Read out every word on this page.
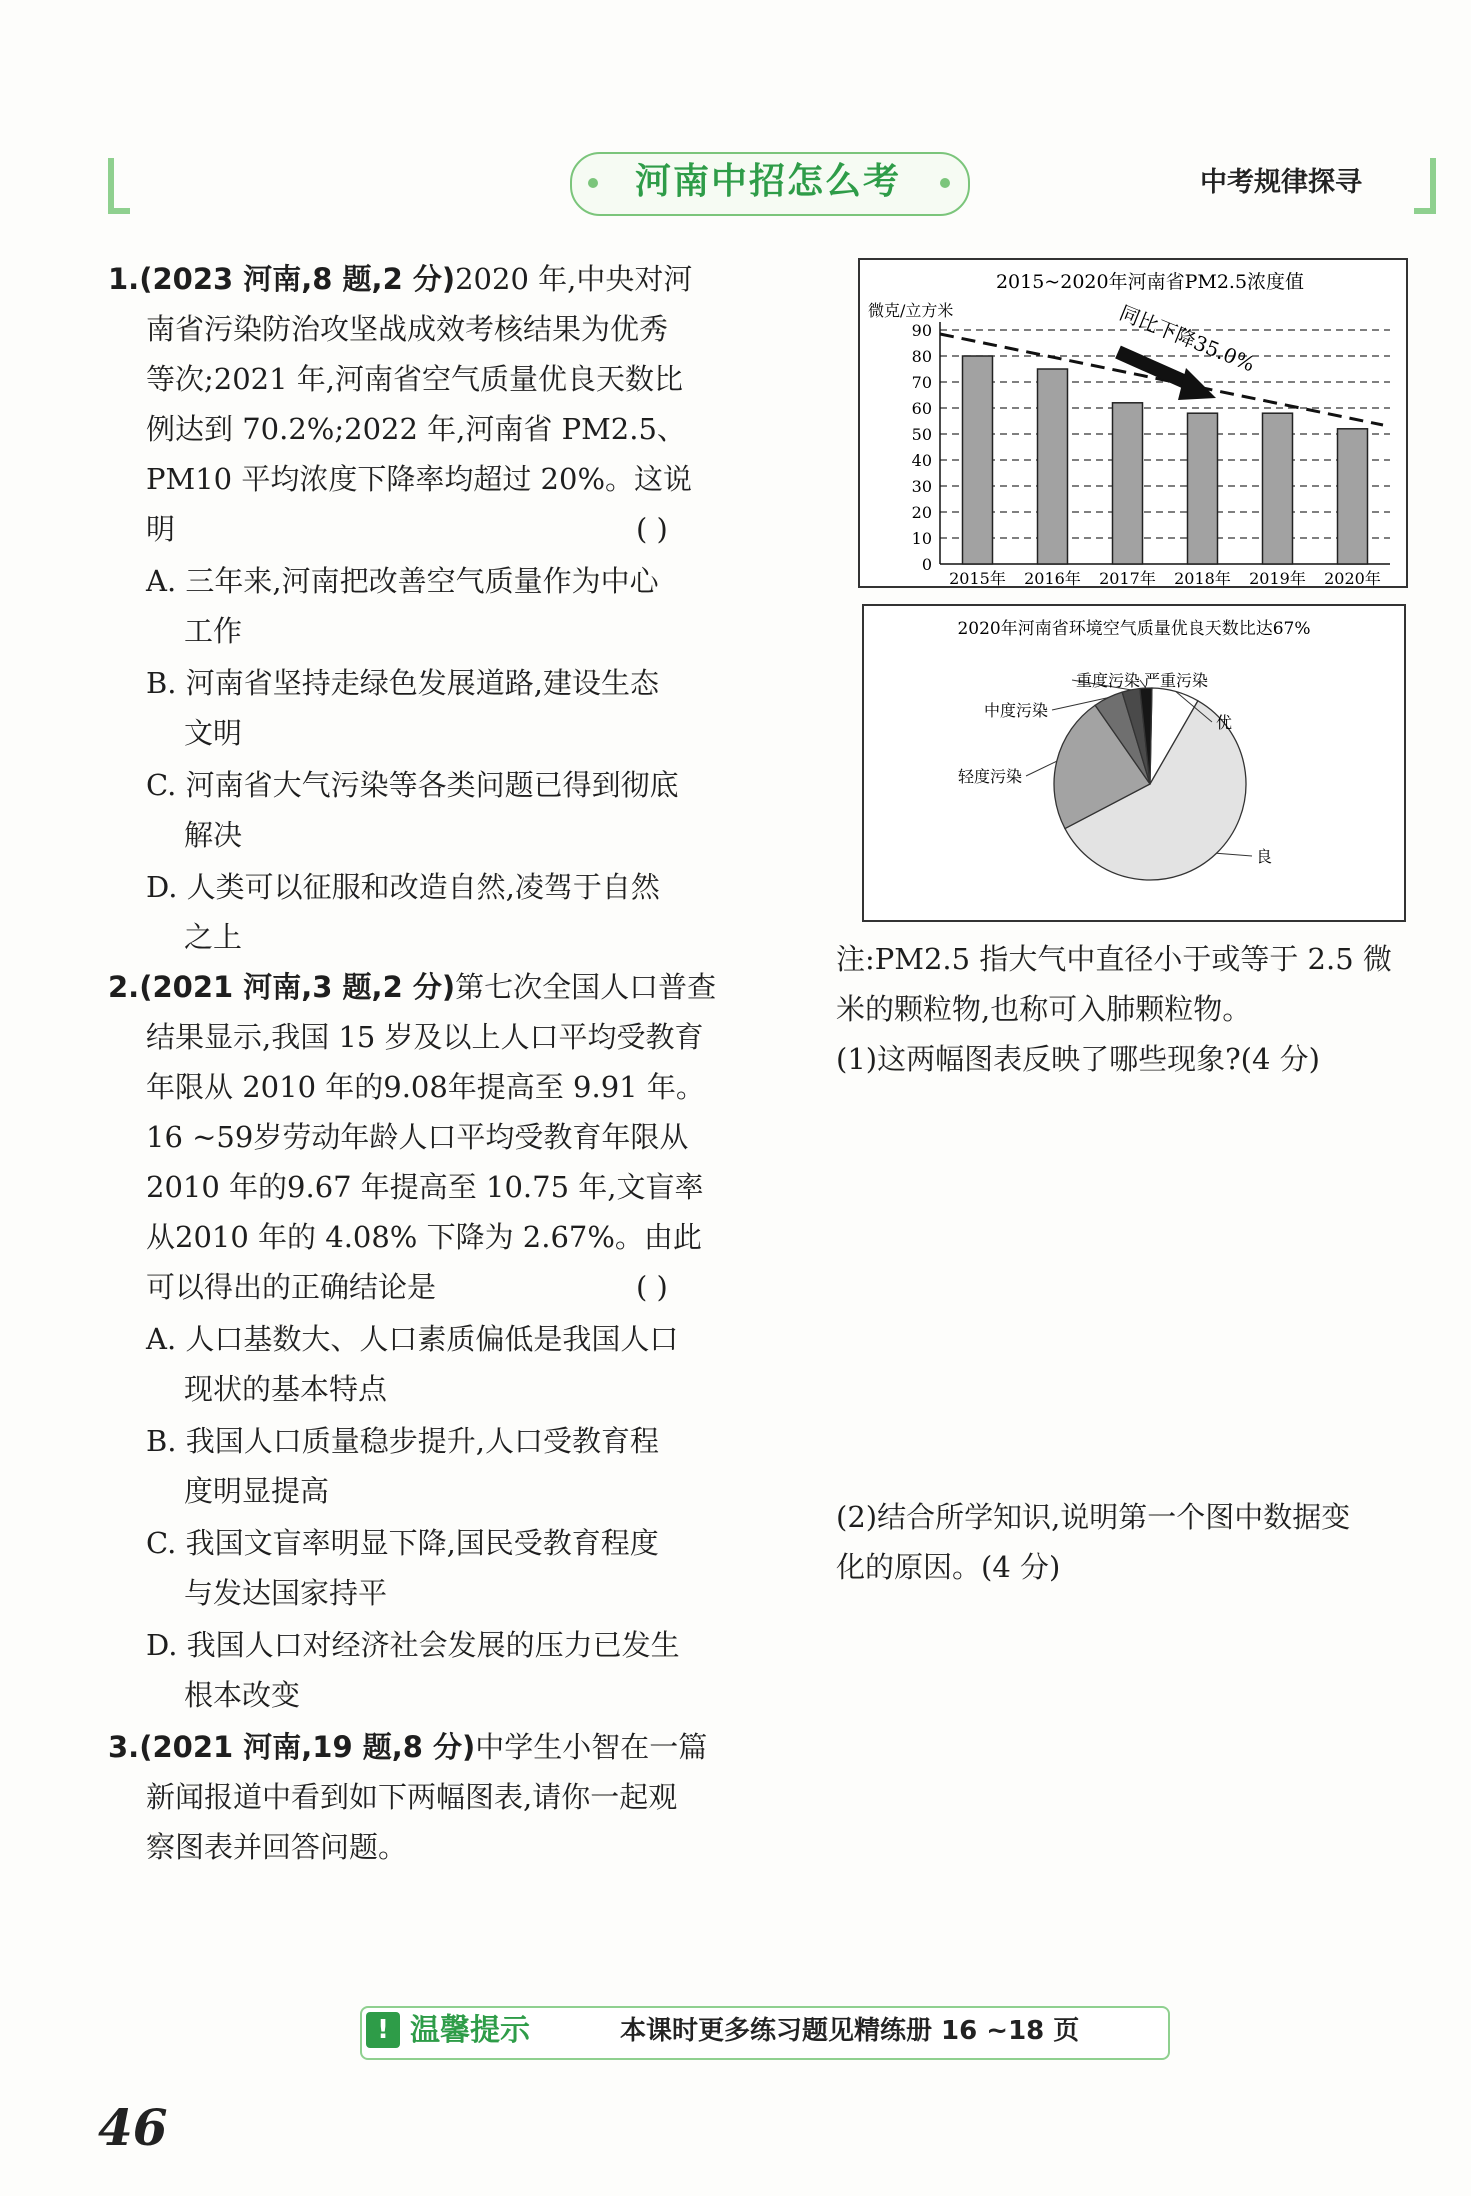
河南中招怎么考	中考规律探寻
1.(2023 河南,8 题,2 分)2020 年,中央对河
南省污染防治攻坚战成效考核结果为优秀
等次;2021 年,河南省空气质量优良天数比
例达到 70.2%;2022 年,河南省 PM2.5、
PM10 平均浓度下降率均超过 20%。这说
明	( )
A. 三年来,河南把改善空气质量作为中心
工作
B. 河南省坚持走绿色发展道路,建设生态
文明
C. 河南省大气污染等各类问题已得到彻底
解决
D. 人类可以征服和改造自然,凌驾于自然
之上
2.(2021 河南,3 题,2 分)第七次全国人口普查
结果显示,我国 15 岁及以上人口平均受教育
年限从 2010 年的9.08年提高至 9.91 年。
16 ~59岁劳动年龄人口平均受教育年限从
2010 年的9.67 年提高至 10.75 年,文盲率
从2010 年的 4.08% 下降为 2.67%。由此
可以得出的正确结论是	( )
A. 人口基数大、人口素质偏低是我国人口
现状的基本特点
B. 我国人口质量稳步提升,人口受教育程
度明显提高
C. 我国文盲率明显下降,国民受教育程度
与发达国家持平
D. 我国人口对经济社会发展的压力已发生
根本改变
3.(2021 河南,19 题,8 分)中学生小智在一篇
新闻报道中看到如下两幅图表,请你一起观
察图表并回答问题。
2015~2020年河南省PM2.5浓度值
微克/立方米
0
10
20
30
40
50
60
70
80
90
2015年 2016年 2017年 2018年 2019年 2020年
同比下降35.0%
2020年河南省环境空气质量优良天数比达67%
优
良
轻度污染
中度污染
重度污染 严重污染
注:PM2.5 指大气中直径小于或等于 2.5 微
米的颗粒物,也称可入肺颗粒物。
(1)这两幅图表反映了哪些现象?(4 分)
(2)结合所学知识,说明第一个图中数据变
化的原因。(4 分)
! 温馨提示	本课时更多练习题见精练册 16 ~18 页
46
